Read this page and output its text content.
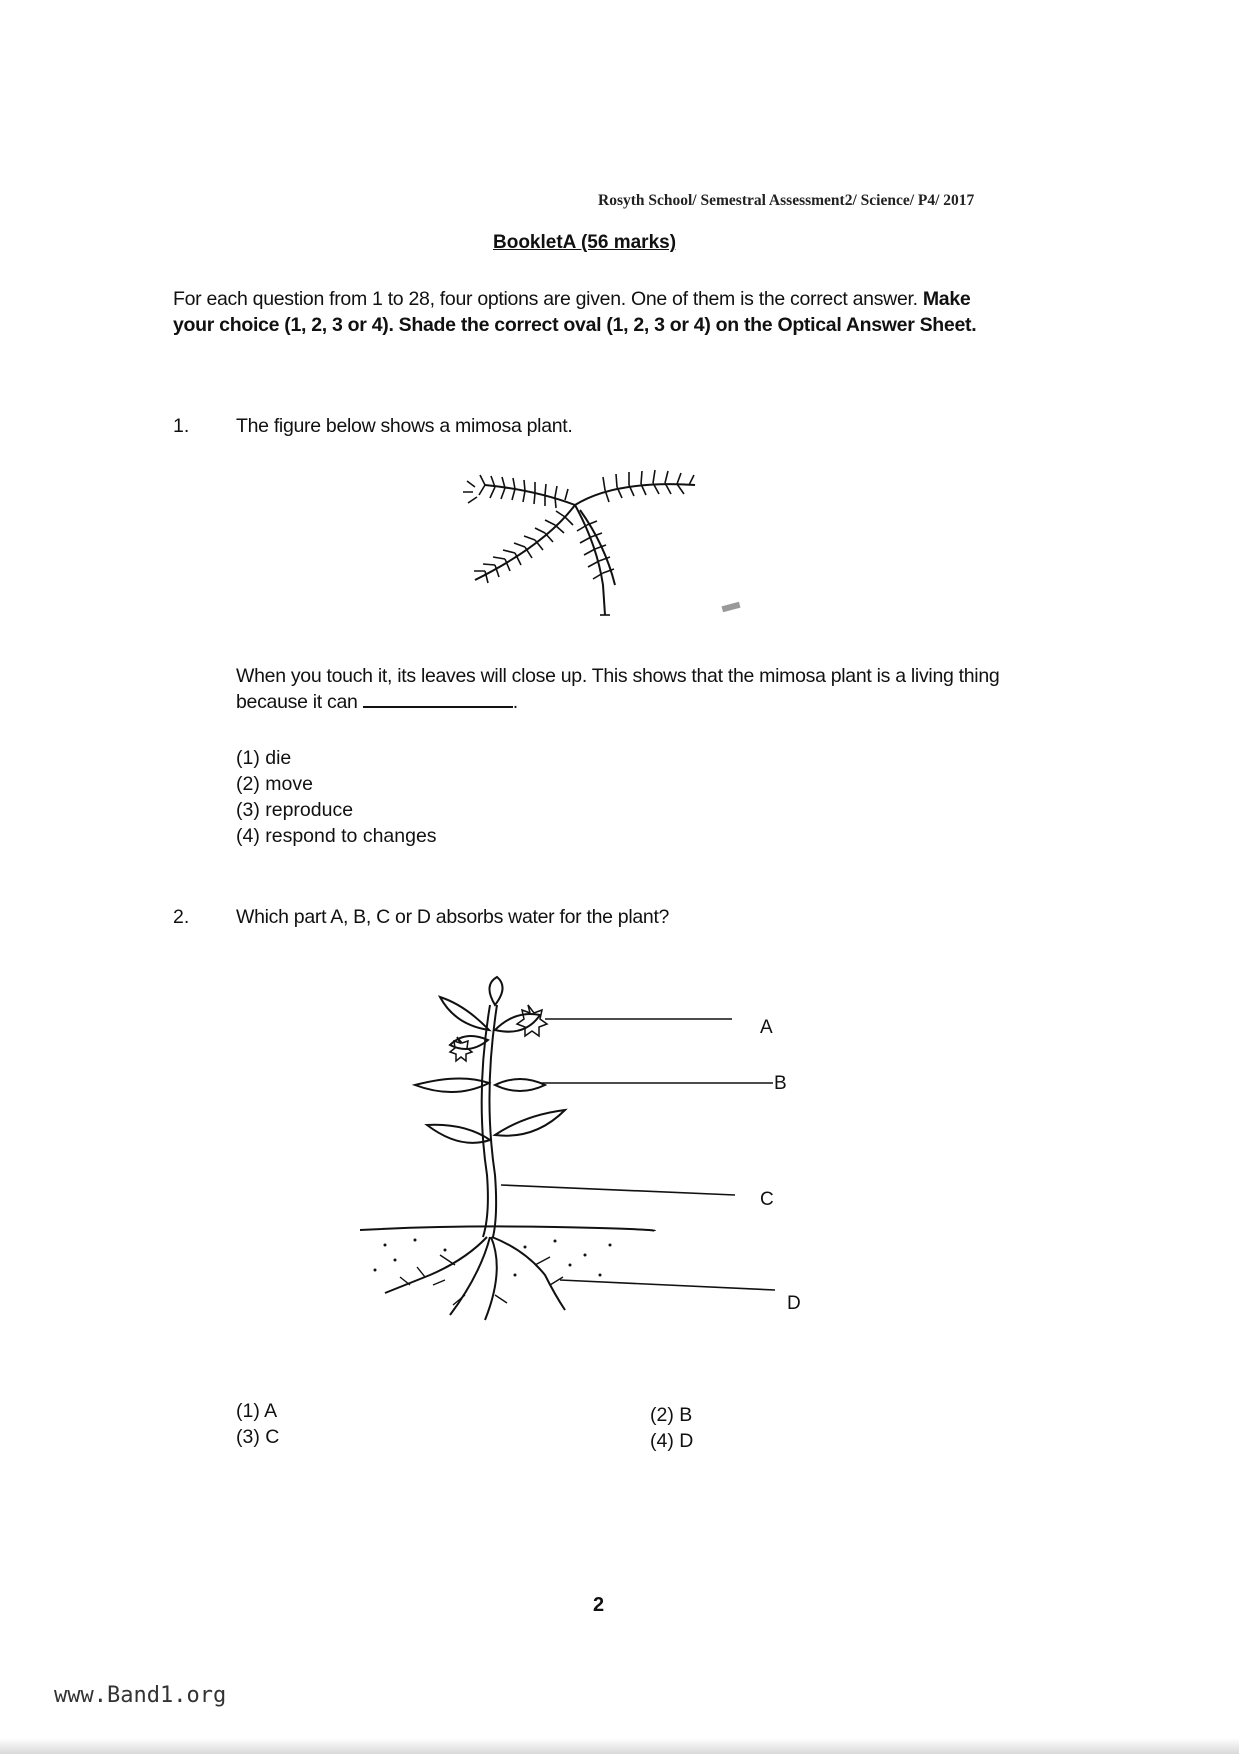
Rosyth School/ Semestral Assessment2/ Science/ P4/ 2017
BookletA (56 marks)
For each question from 1 to 28, four options are given. One of them is the correct answer. Make your choice (1, 2, 3 or 4). Shade the correct oval (1, 2, 3 or 4) on the Optical Answer Sheet.
1. The figure below shows a mimosa plant.
When you touch it, its leaves will close up. This shows that the mimosa plant is a living thing because it can	.
(1) die
(2) move
(3) reproduce
(4) respond to changes
2. Which part A, B, C or D absorbs water for the plant?
A
B
C
D
(1) A
(3) C
(2) B
(4) D
2
www.Band1.org
